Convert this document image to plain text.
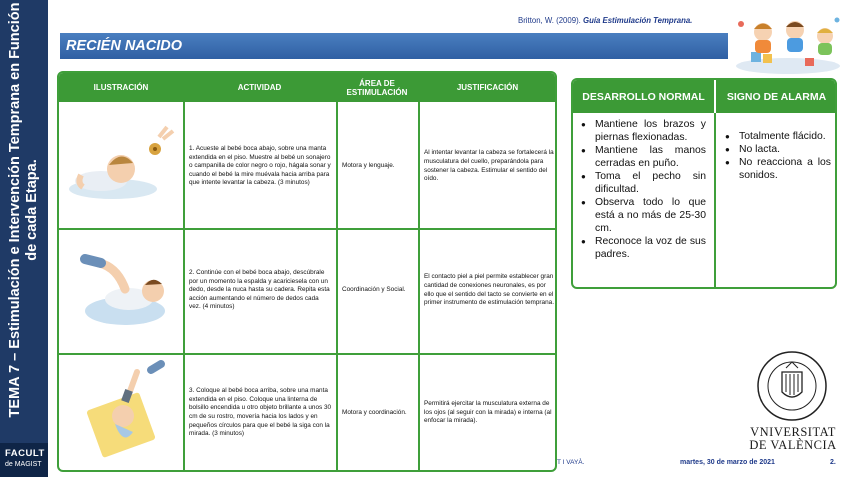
TEMA 7 – Estimulación e Intervención Temprana en Función de cada Etapa.
FACULT
de MAGIST
Britton, W. (2009). Guía Estimulación Temprana.
RECIÉN NACIDO
ILUSTRACIÓN	ACTIVIDAD	ÁREA DE ESTIMULACIÓN	JUSTIFICACIÓN
1. Acueste al bebé boca abajo, sobre una manta extendida en el piso. Muestre al bebé un sonajero o campanilla de color negro o rojo, hágala sonar y cuando el bebé la mire muévala hacia arriba para que intente levantar la cabeza. (3 minutos)
Motora y lenguaje.
Al intentar levantar la cabeza se fortalecerá la musculatura del cuello, preparándola para sostener la cabeza. Estimular el sentido del oído.
2. Continúe con el bebé boca abajo, descúbrale por un momento la espalda y acariciesela con un dedo, desde la nuca hasta su cadera. Repita esta acción aumentando el número de dedos cada vez. (4 minutos)
Coordinación y Social.
El contacto piel a piel permite establecer gran cantidad de conexiones neuronales, es por ello que el sentido del tacto se convierte en el primer instrumento de estimulación temprana.
3. Coloque al bebé boca arriba, sobre una manta extendida en el piso. Coloque una linterna de bolsillo encendida u otro objeto brillante a unos 30 cm de su rostro, movería hacia los lados y en pequeños círculos para que el bebé la siga con la mirada. (3 minutos)
Motora y coordinación.
Permitirá ejercitar la musculatura externa de los ojos (al seguir con la mirada) e interna (al enfocar la mirada).
DESARROLLO NORMAL	SIGNO DE ALARMA
● Mantiene los brazos y piernas flexionadas.
● Mantiene las manos cerradas en puño.
● Toma el pecho sin dificultad.
● Observa todo lo que está a no más de 25-30 cm.
● Reconoce la voz de sus padres.
● Totalmente flácido.
● No lacta.
● No reacciona a los sonidos.
VNIVERSITAT
DE VALÈNCIA
T I VAYÀ.	martes, 30 de marzo de 2021	2.
